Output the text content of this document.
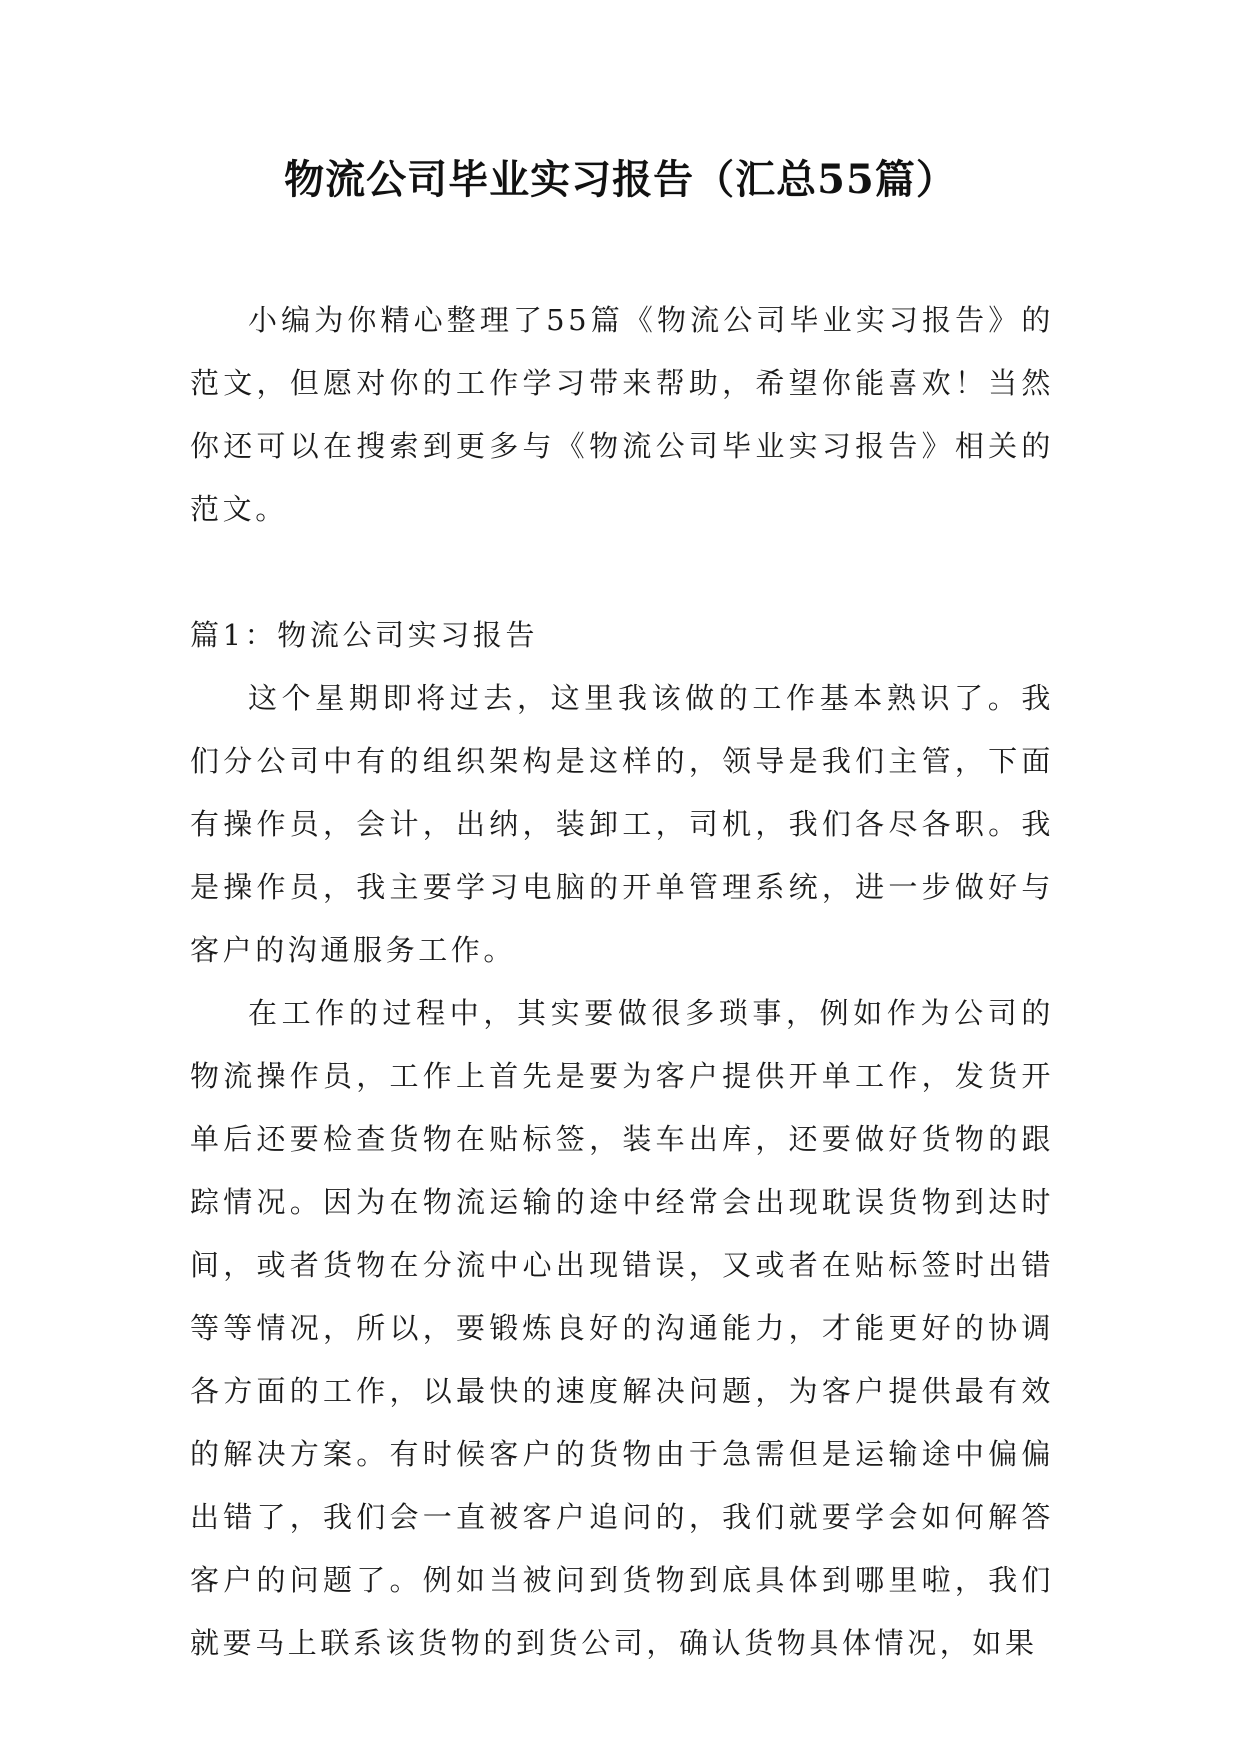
物流公司毕业实习报告（汇总55篇）

小编为你精心整理了55篇《物流公司毕业实习报告》的范文，但愿对你的工作学习带来帮助，希望你能喜欢！当然你还可以在搜索到更多与《物流公司毕业实习报告》相关的范文。

篇1：物流公司实习报告

这个星期即将过去，这里我该做的工作基本熟识了。我们分公司中有的组织架构是这样的，领导是我们主管，下面有操作员，会计，出纳，装卸工，司机，我们各尽各职。我是操作员，我主要学习电脑的开单管理系统，进一步做好与客户的沟通服务工作。

在工作的过程中，其实要做很多琐事，例如作为公司的物流操作员，工作上首先是要为客户提供开单工作，发货开单后还要检查货物在贴标签，装车出库，还要做好货物的跟踪情况。因为在物流运输的途中经常会出现耽误货物到达时间，或者货物在分流中心出现错误，又或者在贴标签时出错等等情况，所以，要锻炼良好的沟通能力，才能更好的协调各方面的工作，以最快的速度解决问题，为客户提供最有效的解决方案。有时候客户的货物由于急需但是运输途中偏偏出错了，我们会一直被客户追问的，我们就要学会如何解答客户的问题了。例如当被问到货物到底具体到哪里啦，我们就要马上联系该货物的到货公司，确认货物具体情况，如果
